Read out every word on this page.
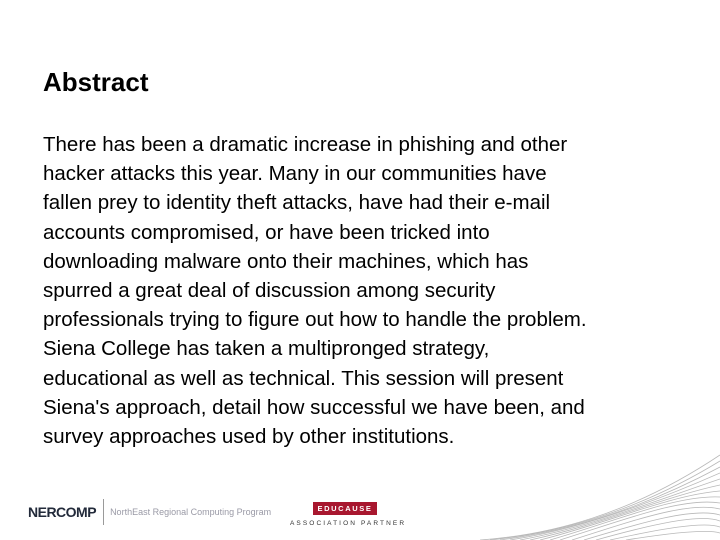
Abstract
There has been a dramatic increase in phishing and other
hacker attacks this year. Many in our communities have
fallen prey to identity theft attacks, have had their e-mail
accounts compromised, or have been tricked into
downloading malware onto their machines, which has
spurred a great deal of discussion among security
professionals trying to figure out how to handle the problem.
Siena College has taken a multipronged strategy,
educational as well as technical. This session will present
Siena's approach, detail how successful we have been, and
survey approaches used by other institutions.
NERCOMP NorthEast Regional Computing Program	EDUCAUSE
ASSOCIATION PARTNER
